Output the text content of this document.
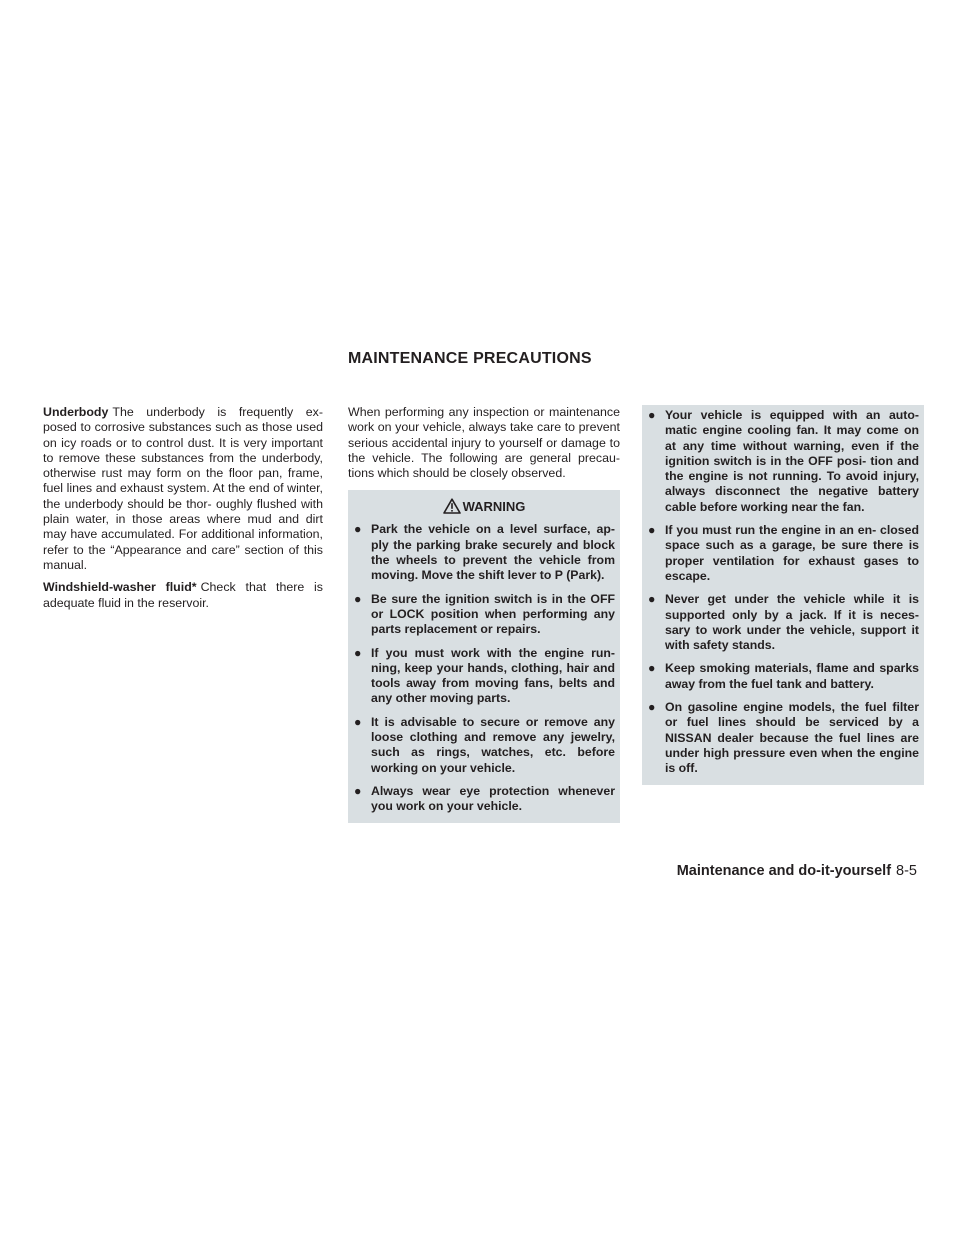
MAINTENANCE PRECAUTIONS

Underbody The underbody is frequently ex- posed to corrosive substances such as those used on icy roads or to control dust. It is very important to remove these substances from the underbody, otherwise rust may form on the floor pan, frame, fuel lines and exhaust system. At the end of winter, the underbody should be thor- oughly flushed with plain water, in those areas where mud and dirt may have accumulated. For additional information, refer to the “Appearance and care” section of this manual.

Windshield-washer fluid* Check that there is adequate fluid in the reservoir.

When performing any inspection or maintenance work on your vehicle, always take care to prevent serious accidental injury to yourself or damage to the vehicle. The following are general precau- tions which should be closely observed.

WARNING
● Park the vehicle on a level surface, ap- ply the parking brake securely and block the wheels to prevent the vehicle from moving. Move the shift lever to P (Park).
● Be sure the ignition switch is in the OFF or LOCK position when performing any parts replacement or repairs.
● If you must work with the engine run- ning, keep your hands, clothing, hair and tools away from moving fans, belts and any other moving parts.
● It is advisable to secure or remove any loose clothing and remove any jewelry, such as rings, watches, etc. before working on your vehicle.
● Always wear eye protection whenever you work on your vehicle.
● Your vehicle is equipped with an auto- matic engine cooling fan. It may come on at any time without warning, even if the ignition switch is in the OFF posi- tion and the engine is not running. To avoid injury, always disconnect the negative battery cable before working near the fan.
● If you must run the engine in an en- closed space such as a garage, be sure there is proper ventilation for exhaust gases to escape.
● Never get under the vehicle while it is supported only by a jack. If it is neces- sary to work under the vehicle, support it with safety stands.
● Keep smoking materials, flame and sparks away from the fuel tank and battery.
● On gasoline engine models, the fuel filter or fuel lines should be serviced by a NISSAN dealer because the fuel lines are under high pressure even when the engine is off.
Maintenance and do-it-yourself 8-5
